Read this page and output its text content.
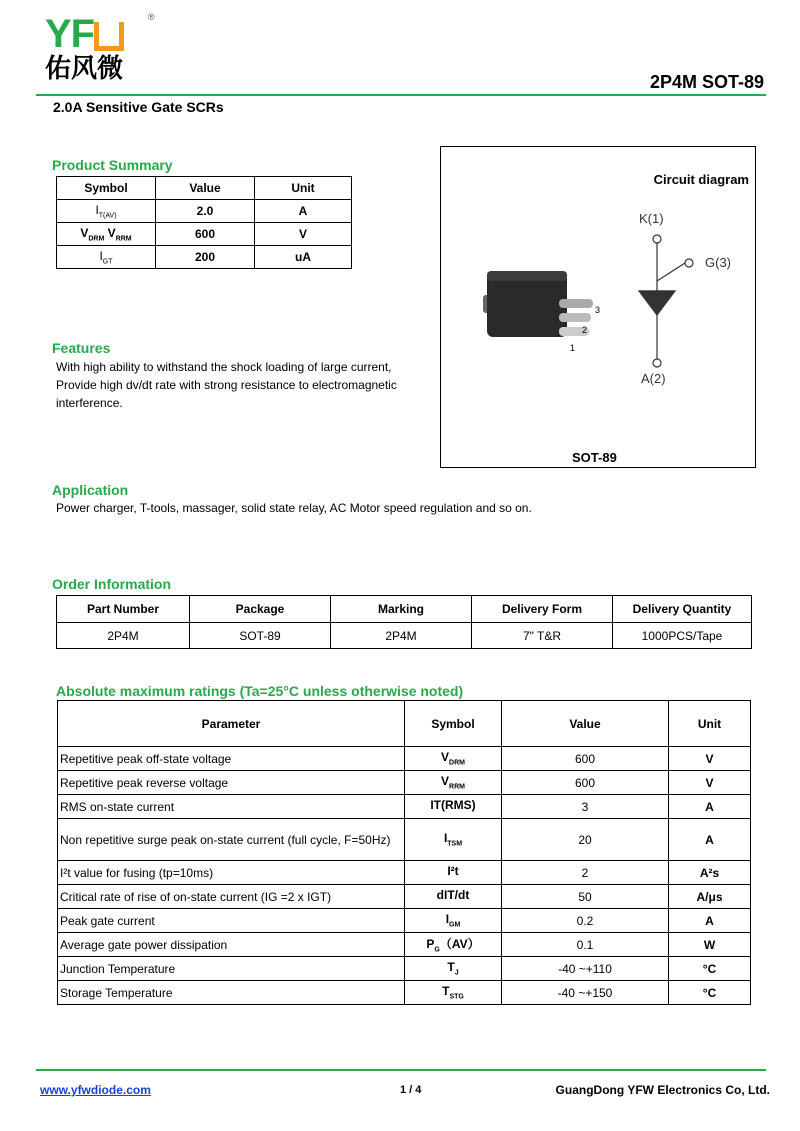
YF
佑风微
®
2P4M SOT-89
2.0A Sensitive Gate SCRs
Product Summary
Symbol	Value	Unit
$I_{T(AV)}$	2.0	A
$V_{DRM}$ $V_{RRM}$	600	V
$I_{GT}$	200	uA
Circuit diagram
K(1)
G(3)
A(2)
3
2
1
SOT-89
Features
With high ability to withstand the shock loading of large current,
Provide high dv/dt rate with strong resistance to electromagnetic
interference.
Application
Power charger, T-tools, massager, solid state relay, AC Motor speed regulation and so on.
Order Information
Part Number	Package	Marking	Delivery Form	Delivery Quantity
2P4M	SOT-89	2P4M	7" T&R	1000PCS/Tape
Absolute maximum ratings (Ta=25°C unless otherwise noted)
Parameter	Symbol	Value	Unit
Repetitive peak off-state voltage	$V_{DRM}$	600	V
Repetitive peak reverse voltage	$V_{RRM}$	600	V
RMS on-state current	IT(RMS)	3	A
Non repetitive surge peak on-state current (full cycle, F=50Hz)	$I_{TSM}$	20	A
I²t value for fusing (tp=10ms)	I²t	2	A²s
Critical rate of rise of on-state current (IG =2 x IGT)	dIT/dt	50	A/μs
Peak gate current	$I_{GM}$	0.2	A
Average gate power dissipation	$P_G(AV)$	0.1	W
Junction Temperature	$T_J$	-40 ~+110	°C
Storage Temperature	$T_{STG}$	-40 ~+150	°C
www.yfwdiode.com	1 / 4	GuangDong YFW Electronics Co, Ltd.
